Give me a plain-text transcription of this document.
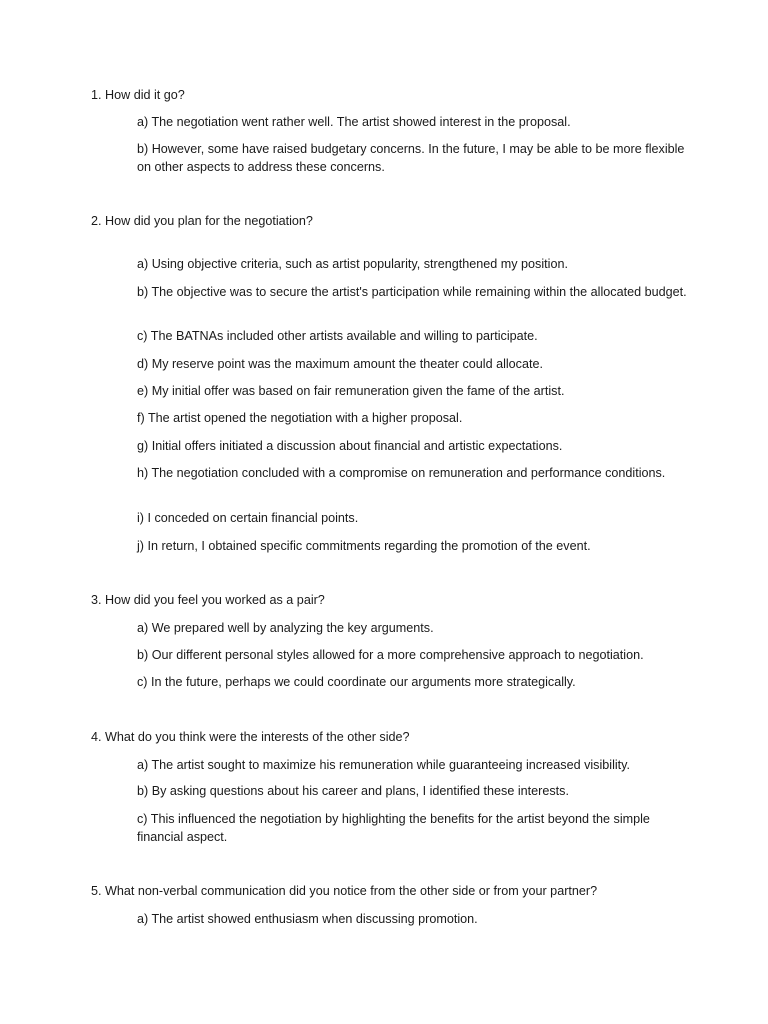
1. How did it go?

a) The negotiation went rather well. The artist showed interest in the proposal.

b) However, some have raised budgetary concerns. In the future, I may be able to be more flexible on other aspects to address these concerns.

2. How did you plan for the negotiation?

a) Using objective criteria, such as artist popularity, strengthened my position.

b) The objective was to secure the artist's participation while remaining within the allocated budget.

c) The BATNAs included other artists available and willing to participate.

d) My reserve point was the maximum amount the theater could allocate.

e) My initial offer was based on fair remuneration given the fame of the artist.

f) The artist opened the negotiation with a higher proposal.

g) Initial offers initiated a discussion about financial and artistic expectations.

h) The negotiation concluded with a compromise on remuneration and performance conditions.

i) I conceded on certain financial points.

j) In return, I obtained specific commitments regarding the promotion of the event.

3. How did you feel you worked as a pair?

a) We prepared well by analyzing the key arguments.

b) Our different personal styles allowed for a more comprehensive approach to negotiation.

c) In the future, perhaps we could coordinate our arguments more strategically.

4. What do you think were the interests of the other side?

a) The artist sought to maximize his remuneration while guaranteeing increased visibility.

b) By asking questions about his career and plans, I identified these interests.

c) This influenced the negotiation by highlighting the benefits for the artist beyond the simple financial aspect.

5. What non-verbal communication did you notice from the other side or from your partner?

a) The artist showed enthusiasm when discussing promotion.
